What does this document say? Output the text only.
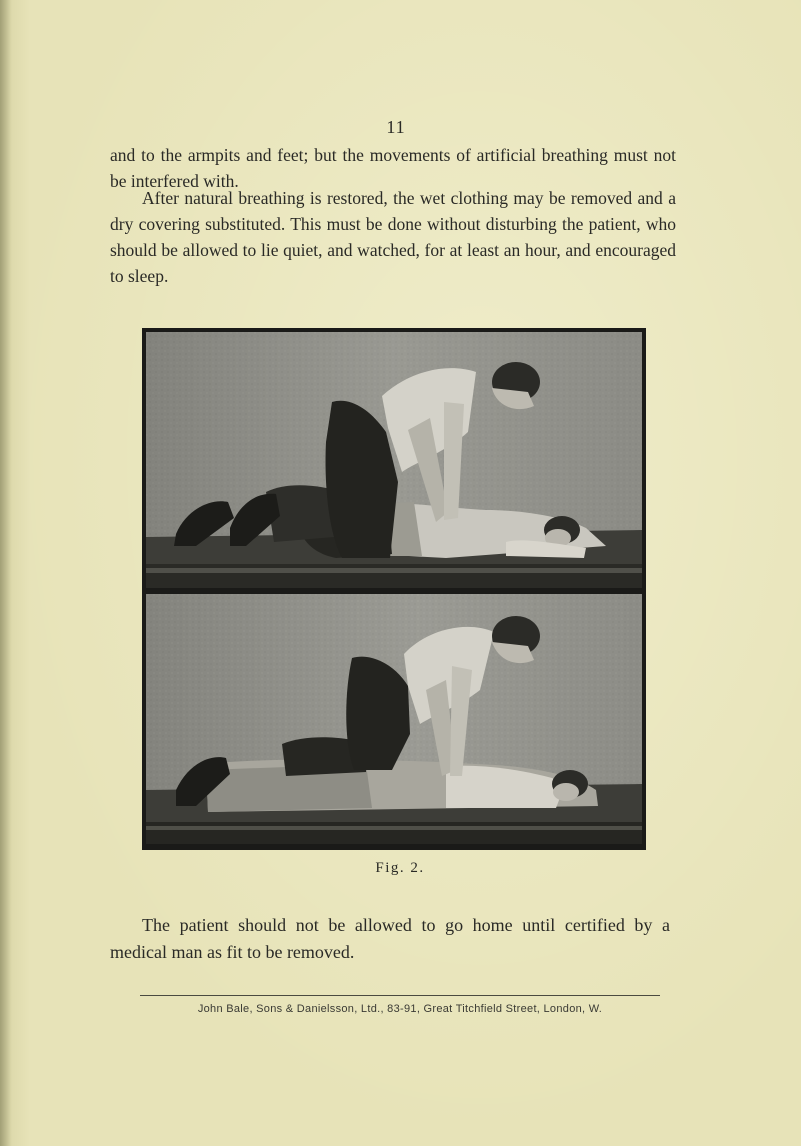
11

and to the armpits and feet; but the movements of artificial breathing must not be interfered with.

After natural breathing is restored, the wet clothing may be removed and a dry covering substituted. This must be done without disturbing the patient, who should be allowed to lie quiet, and watched, for at least an hour, and encouraged to sleep.

Fig. 2.

The patient should not be allowed to go home until certified by a medical man as fit to be removed.

John Bale, Sons & Danielsson, Ltd., 83-91, Great Titchfield Street, London, W.
